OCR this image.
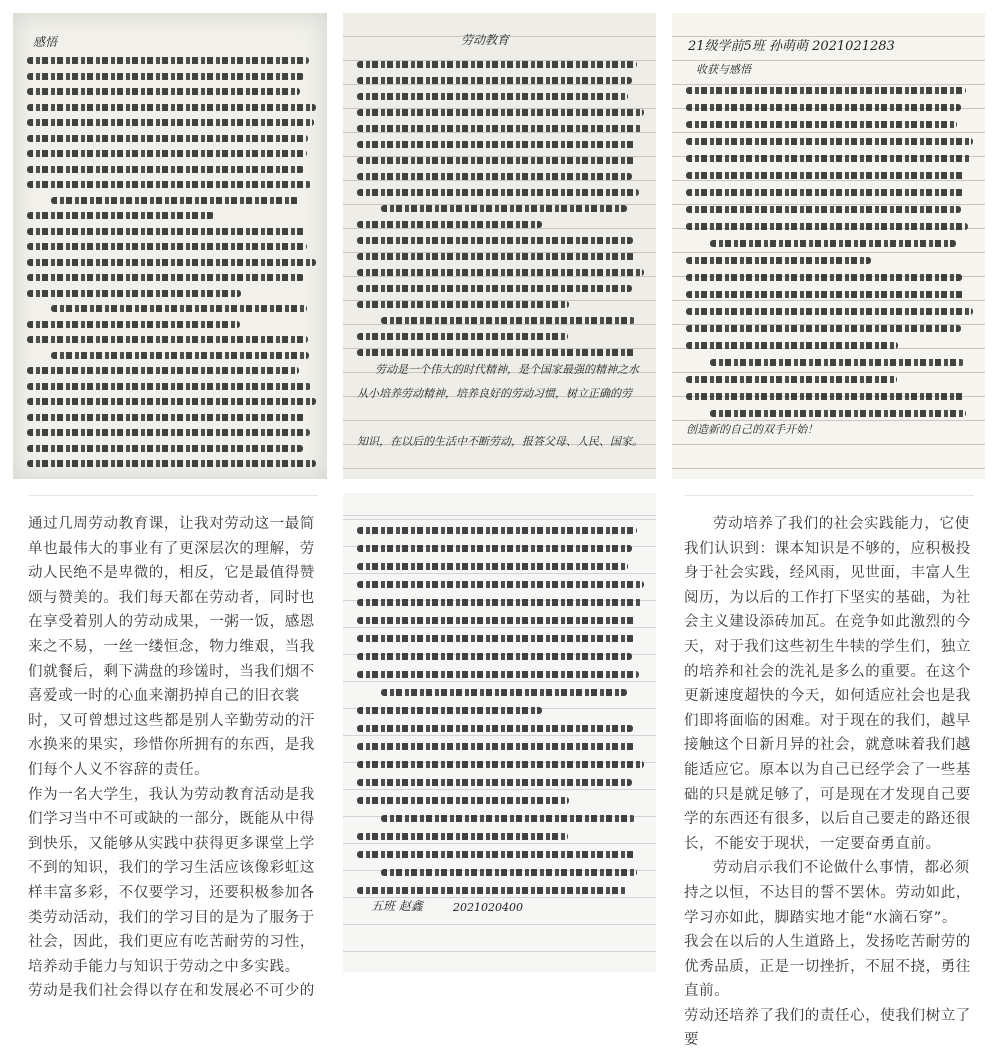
感悟	劳动教育
劳动是一个伟大的时代精神，是个国家最强的精神之水
从小培养劳动精神，培养良好的劳动习惯，树立正确的劳
知识，在以后的生活中不断劳动，报答父母、人民、国家。
21级学前5班 孙萌萌 2021021283
收获与感悟
创造新的自己的双手开始！

通过几周劳动教育课，让我对劳动这一最简单也最伟大的事业有了更深层次的理解，劳动人民绝不是卑微的，相反，它是最值得赞颂与赞美的。我们每天都在劳动者，同时也在享受着别人的劳动成果，一粥一饭，感恩来之不易，一丝一缕恒念，物力维艰，当我们就餐后，剩下满盘的珍馐时，当我们烟不喜爱或一时的心血来潮扔掉自己的旧衣裳时，又可曾想过这些都是别人辛勤劳动的汗水换来的果实，珍惜你所拥有的东西，是我们每个人义不容辞的责任。

作为一名大学生，我认为劳动教育活动是我们学习当中不可或缺的一部分，既能从中得到快乐，又能够从实践中获得更多课堂上学不到的知识，我们的学习生活应该像彩虹这样丰富多彩，不仅要学习，还要积极参加各类劳动活动，我们的学习目的是为了服务于社会，因此，我们更应有吃苦耐劳的习性，培养动手能力与知识于劳动之中多实践。

劳动是我们社会得以存在和发展必不可少的

五班 赵鑫	2021020400

劳动培养了我们的社会实践能力，它使我们认识到：课本知识是不够的，应积极投身于社会实践，经风雨，见世面，丰富人生阅历，为以后的工作打下坚实的基础，为社会主义建设添砖加瓦。在竞争如此激烈的今天，对于我们这些初生牛犊的学生们，独立的培养和社会的洗礼是多么的重要。在这个更新速度超快的今天，如何适应社会也是我们即将面临的困难。对于现在的我们，越早接触这个日新月异的社会，就意味着我们越能适应它。原本以为自己已经学会了一些基础的只是就足够了，可是现在才发现自己要学的东西还有很多，以后自己要走的路还很长，不能安于现状，一定要奋勇直前。

劳动启示我们不论做什么事情，都必须持之以恒，不达目的誓不罢休。劳动如此，学习亦如此，脚踏实地才能“水滴石穿”。我会在以后的人生道路上，发扬吃苦耐劳的优秀品质，正是一切挫折，不屈不挠，勇往直前。

劳动还培养了我们的责任心，使我们树立了要
